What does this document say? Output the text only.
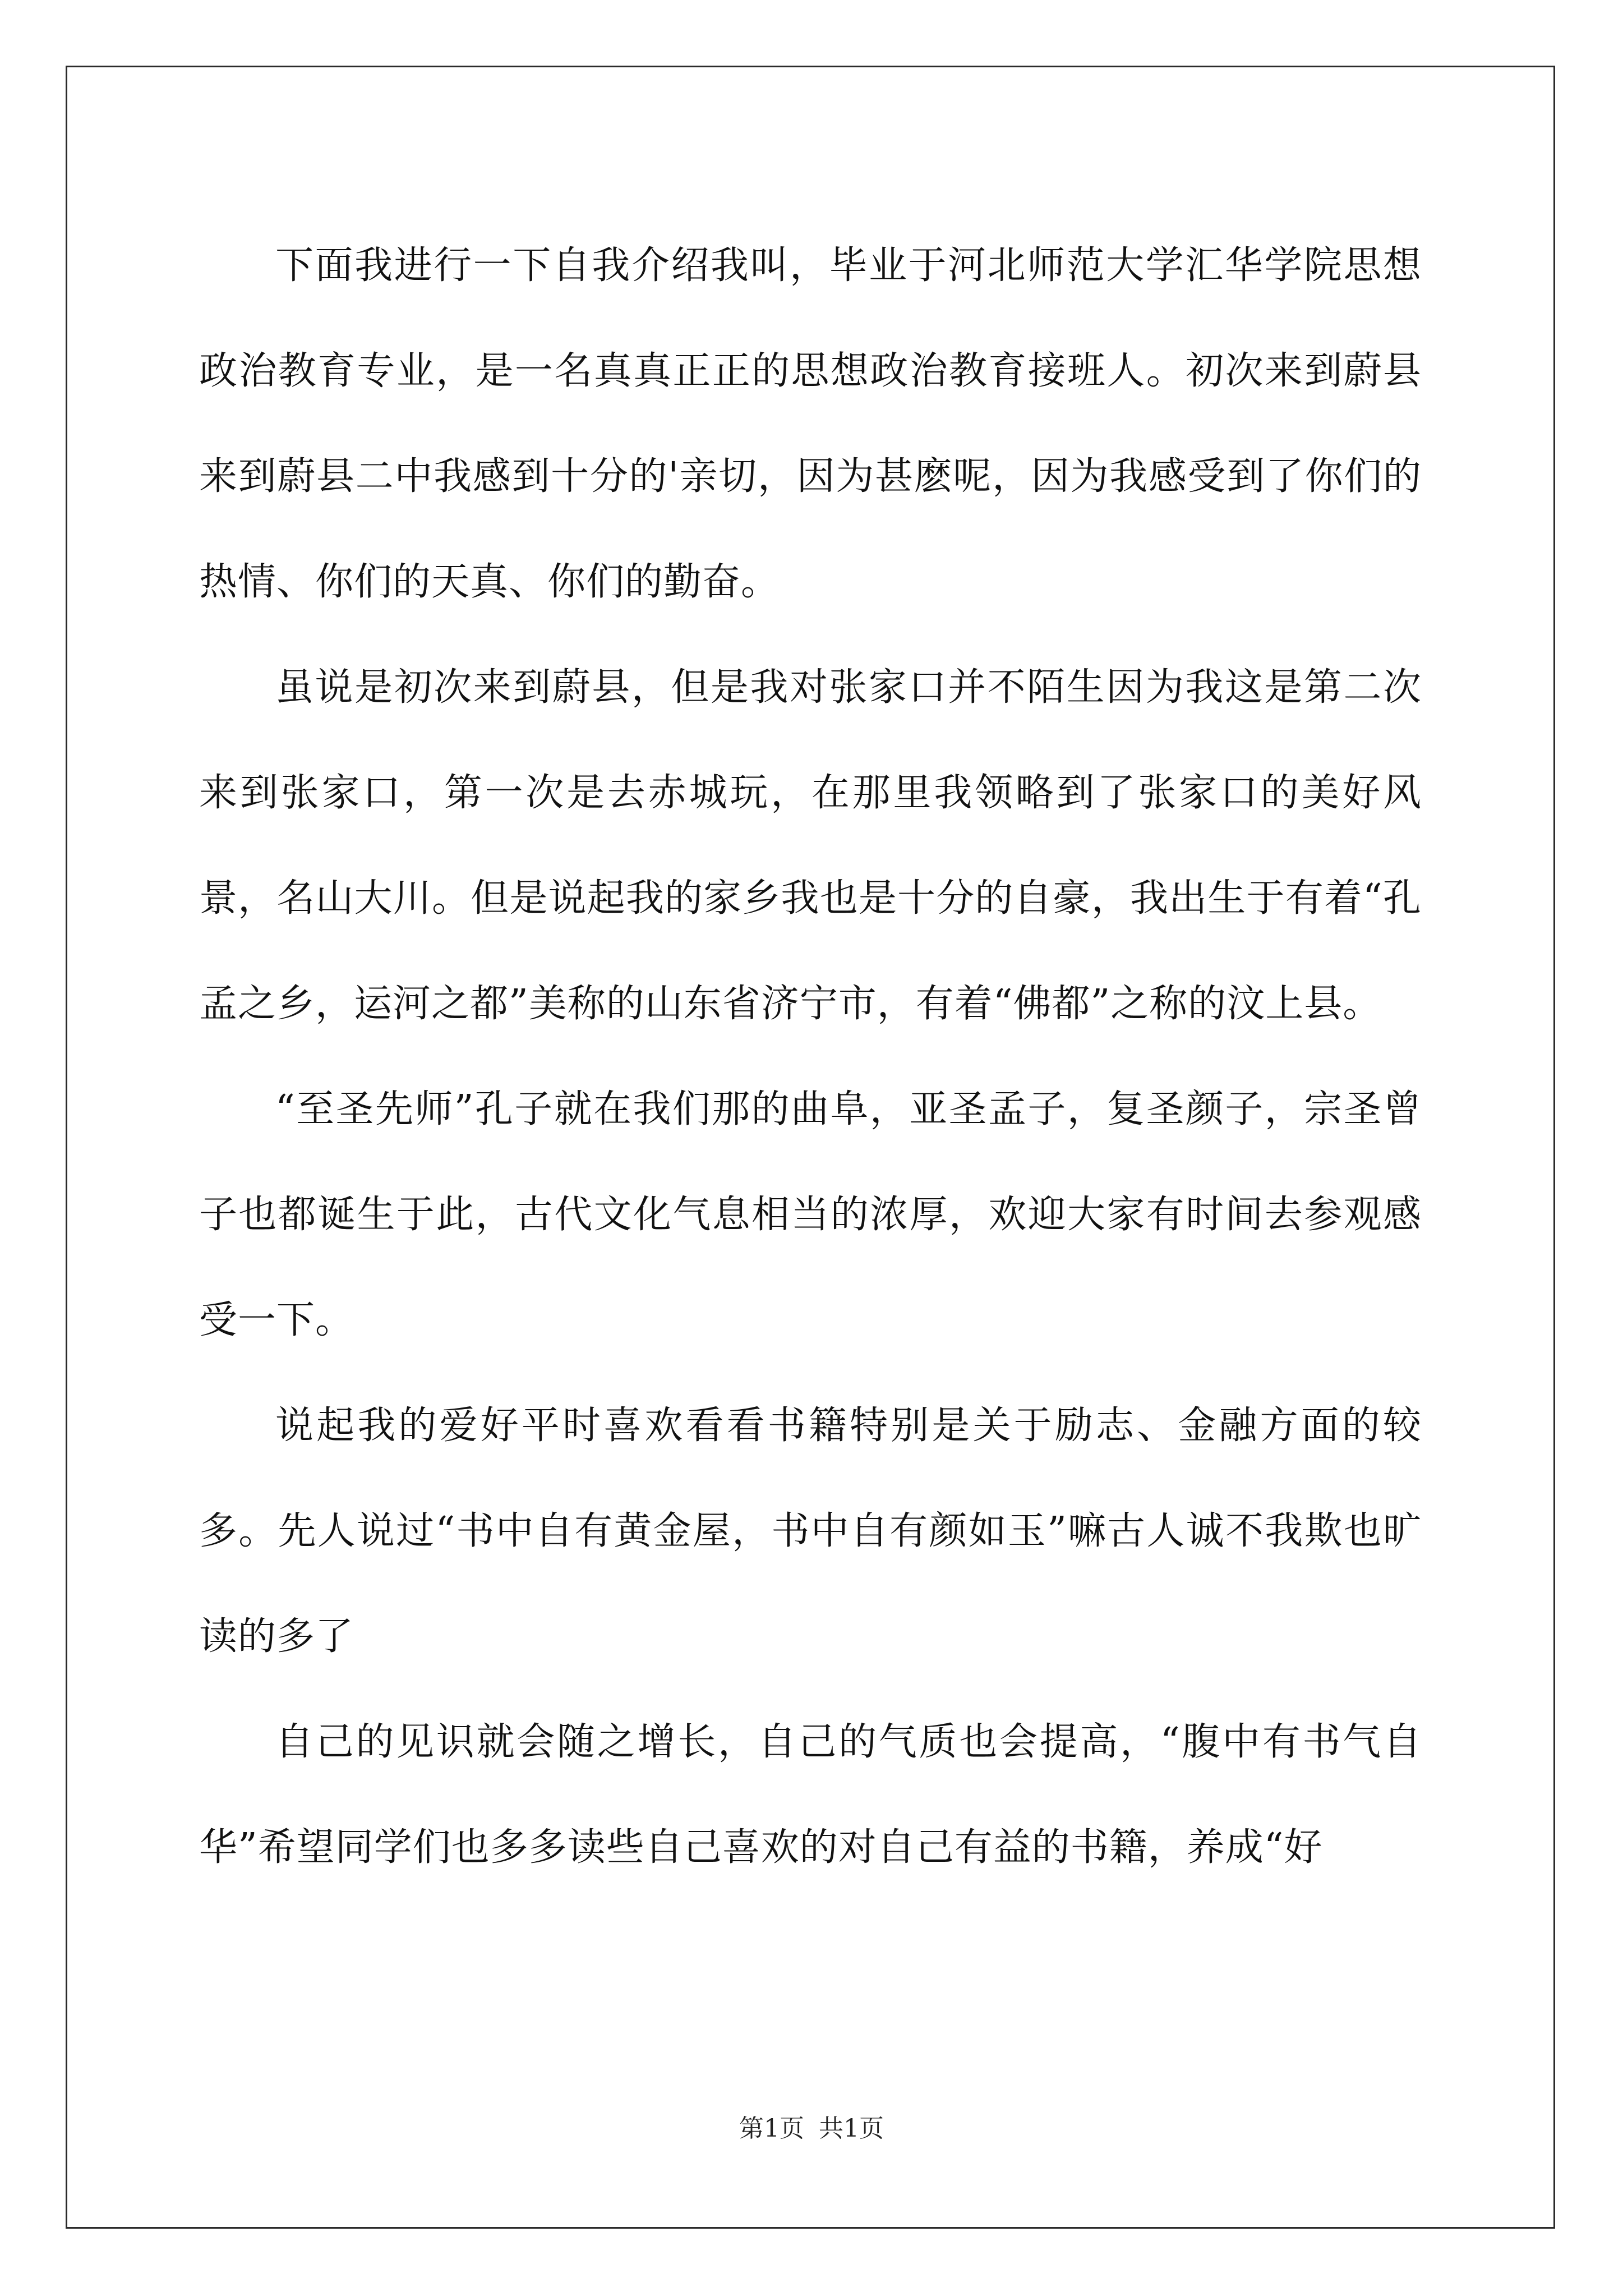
下面我进行一下自我介绍我叫，毕业于河北师范大学汇华学院思想政治教育专业，是一名真真正正的思想政治教育接班人。初次来到蔚县来到蔚县二中我感到十分的'亲切，因为甚麽呢，因为我感受到了你们的热情、你们的天真、你们的勤奋。

虽说是初次来到蔚县，但是我对张家口并不陌生因为我这是第二次来到张家口，第一次是去赤城玩，在那里我领略到了张家口的美好风景，名山大川。但是说起我的家乡我也是十分的自豪，我出生于有着“孔孟之乡，运河之都”美称的山东省济宁市，有着“佛都”之称的汶上县。

“至圣先师”孔子就在我们那的曲阜，亚圣孟子，复圣颜子，宗圣曾子也都诞生于此，古代文化气息相当的浓厚，欢迎大家有时间去参观感受一下。

说起我的爱好平时喜欢看看书籍特别是关于励志、金融方面的较多。先人说过“书中自有黄金屋，书中自有颜如玉”嘛古人诚不我欺也旷读的多了

自己的见识就会随之增长，自己的气质也会提高，“腹中有书气自华”希望同学们也多多读些自己喜欢的对自己有益的书籍，养成“好

第1页 共1页
